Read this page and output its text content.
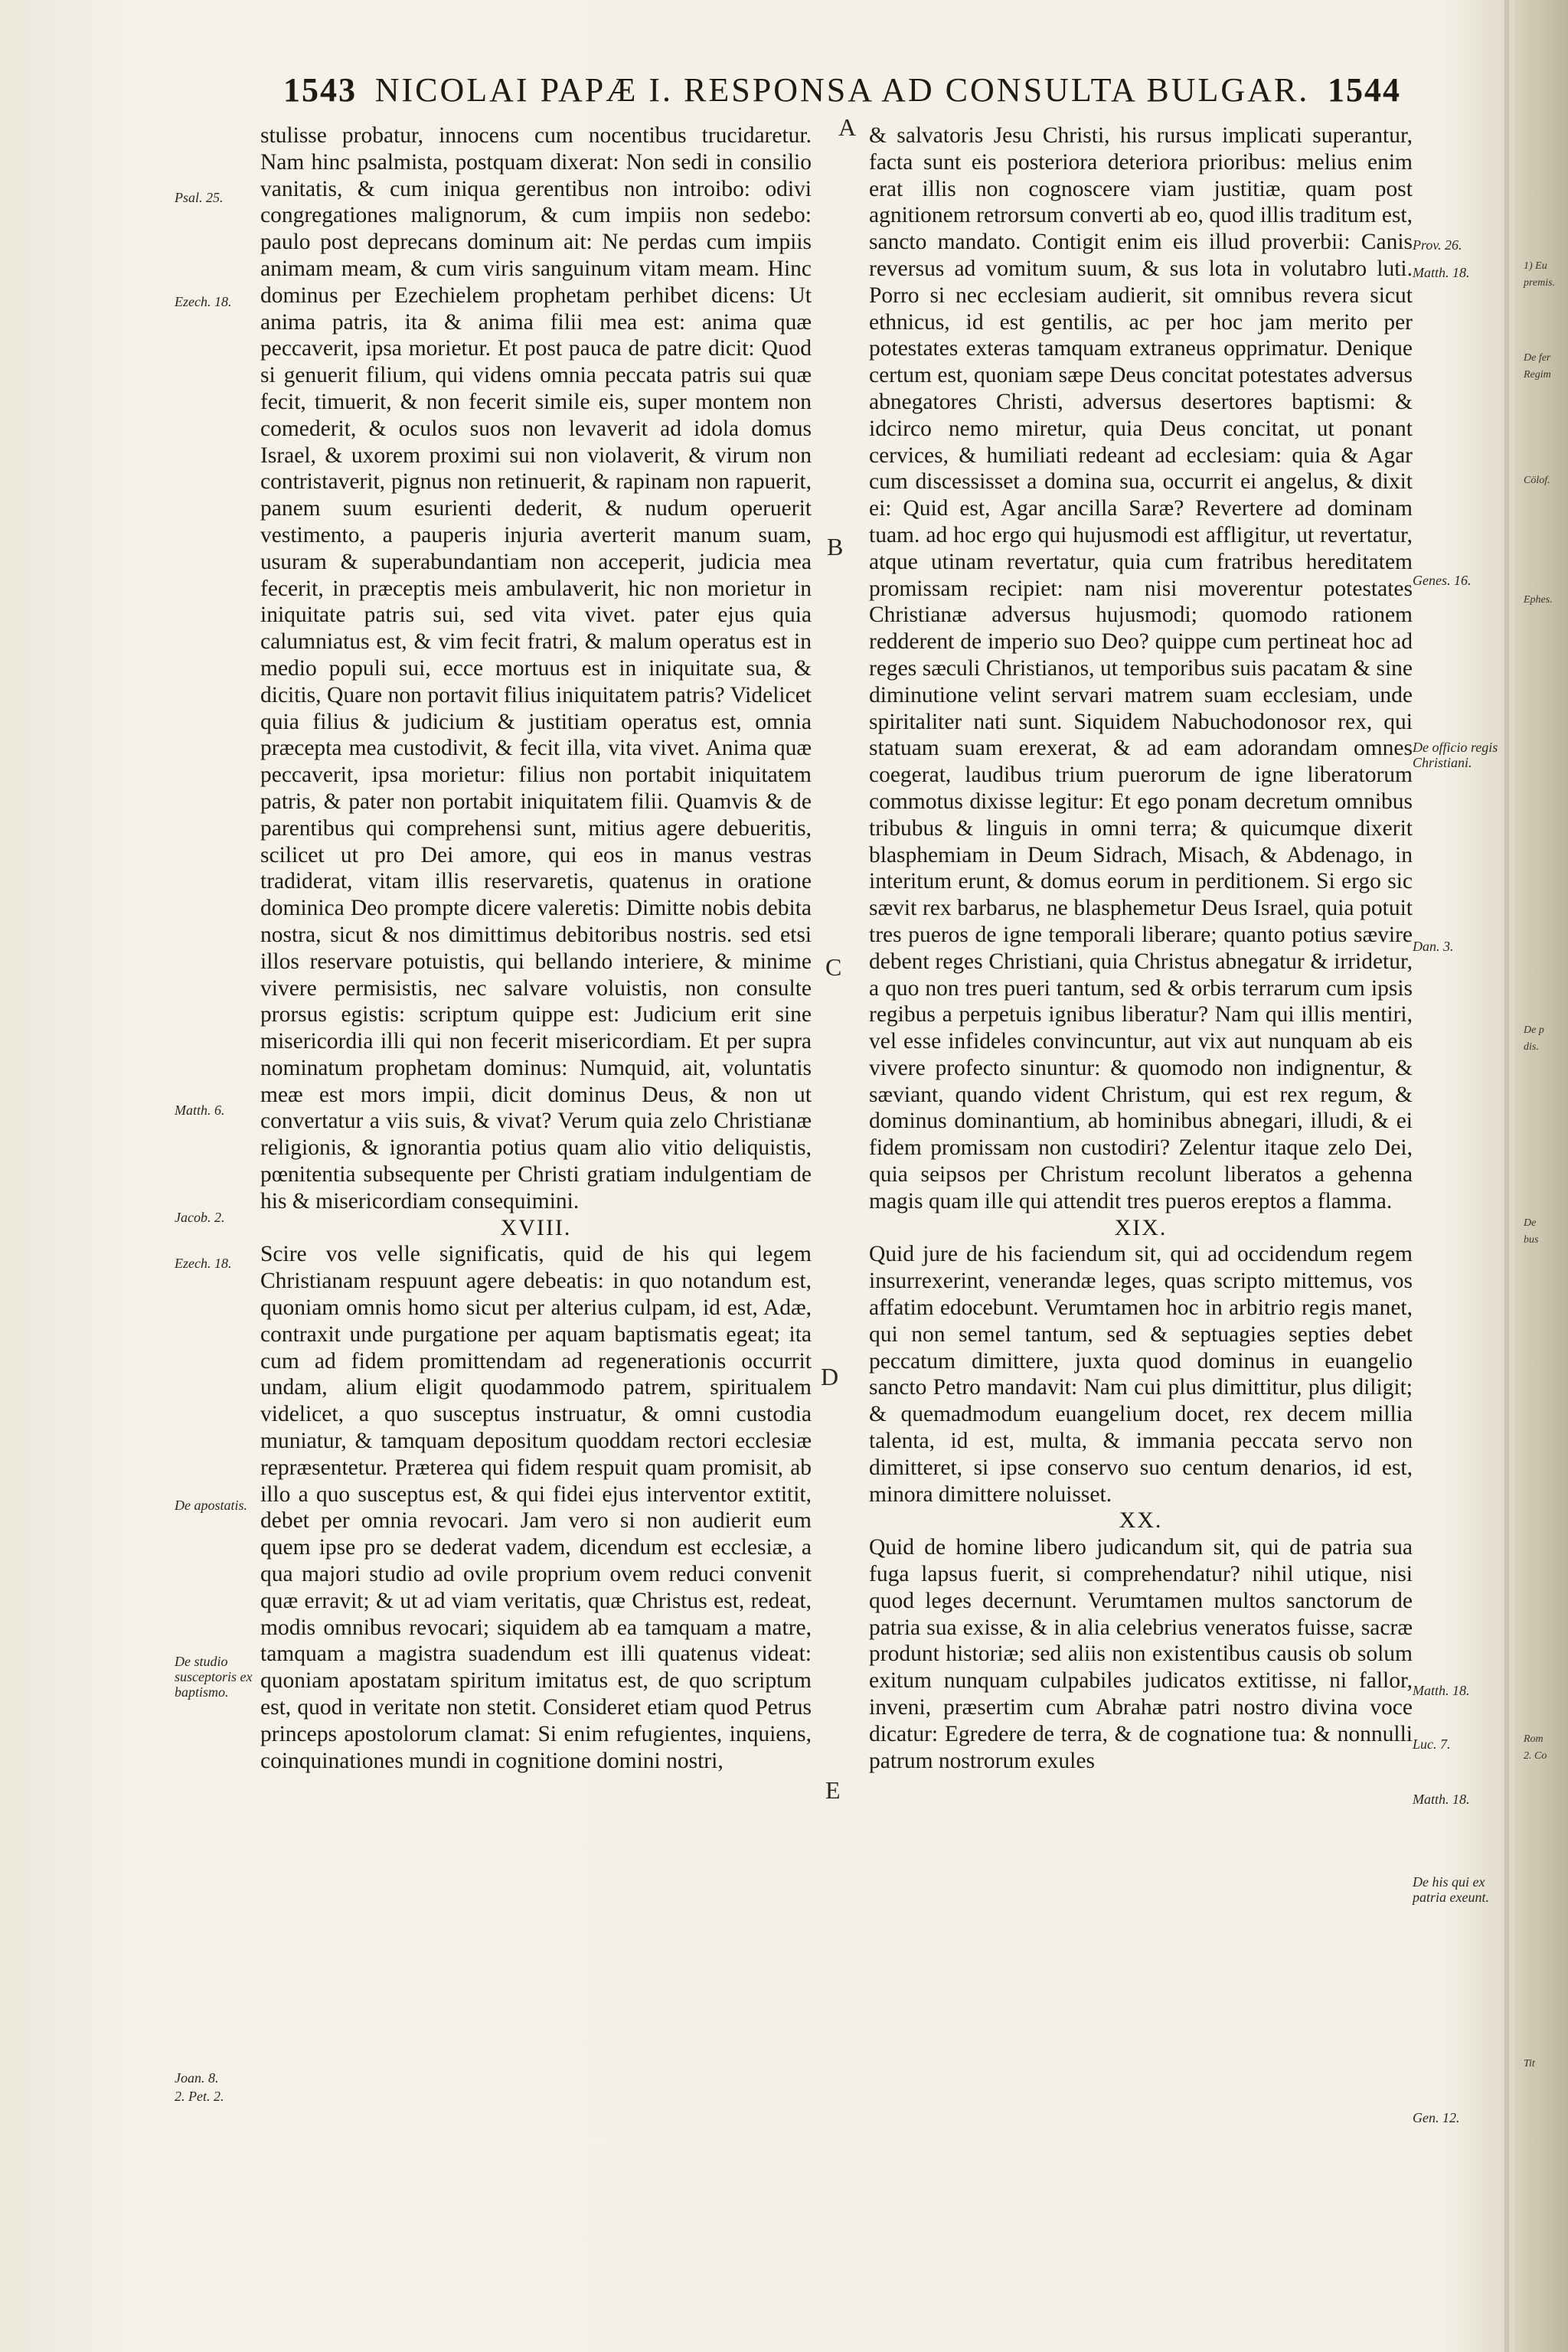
1543 NICOLAI PAPÆ I. RESPONSA AD CONSULTA BULGAR. 1544

stulisse probatur, innocens cum nocentibus trucidaretur. Nam hinc psalmista, postquam dixerat: Non sedi in consilio vanitatis, & cum iniqua gerentibus non introibo: odivi congregationes malignorum, & cum impiis non sedebo: paulo post deprecans dominum ait: Ne perdas cum impiis animam meam, & cum viris sanguinum vitam meam. Hinc dominus per Ezechielem prophetam perhibet dicens: Ut anima patris, ita & anima filii mea est: anima quæ peccaverit, ipsa morietur. Et post pauca de patre dicit: Quod si genuerit filium, qui videns omnia peccata patris sui quæ fecit, timuerit, & non fecerit simile eis, super montem non comederit, & oculos suos non levaverit ad idola domus Israel, & uxorem proximi sui non violaverit, & virum non contristaverit, pignus non retinuerit, & rapinam non rapuerit, panem suum esurienti dederit, & nudum operuerit vestimento, a pauperis injuria averterit manum suam, usuram & superabundantiam non acceperit, judicia mea fecerit, in præceptis meis ambulaverit, hic non morietur in iniquitate patris sui, sed vita vivet. pater ejus quia calumniatus est, & vim fecit fratri, & malum operatus est in medio populi sui, ecce mortuus est in iniquitate sua, & dicitis, Quare non portavit filius iniquitatem patris? Videlicet quia filius & judicium & justitiam operatus est, omnia præcepta mea custodivit, & fecit illa, vita vivet. Anima quæ peccaverit, ipsa morietur: filius non portabit iniquitatem patris, & pater non portabit iniquitatem filii. Quamvis & de parentibus qui comprehensi sunt, mitius agere debueritis, scilicet ut pro Dei amore, qui eos in manus vestras tradiderat, vitam illis reservaretis, quatenus in oratione dominica Deo prompte dicere valeretis: Dimitte nobis debita nostra, sicut & nos dimittimus debitoribus nostris. sed etsi illos reservare potuistis, qui bellando interiere, & minime vivere permisistis, nec salvare voluistis, non consulte prorsus egistis: scriptum quippe est: Judicium erit sine misericordia illi qui non fecerit misericordiam. Et per supra nominatum prophetam dominus: Numquid, ait, voluntatis meæ est mors impii, dicit dominus Deus, & non ut convertatur a viis suis, & vivat? Verum quia zelo Christianæ religionis, & ignorantia potius quam alio vitio deliquistis, pœnitentia subsequente per Christi gratiam indulgentiam de his & misericordiam consequimini.

XVIII.

Scire vos velle significatis, quid de his qui legem Christianam respuunt agere debeatis: in quo notandum est, quoniam omnis homo sicut per alterius culpam, id est, Adæ, contraxit unde purgatione per aquam baptismatis egeat; ita cum ad fidem promittendam ad regenerationis occurrit undam, alium eligit quodammodo patrem, spiritualem videlicet, a quo susceptus instruatur, & omni custodia muniatur, & tamquam depositum quoddam rectori ecclesiæ repræsentetur. Præterea qui fidem respuit quam promisit, ab illo a quo susceptus est, & qui fidei ejus interventor extitit, debet per omnia revocari. Jam vero si non audierit eum quem ipse pro se dederat vadem, dicendum est ecclesiæ, a qua majori studio ad ovile proprium ovem reduci convenit quæ erravit; & ut ad viam veritatis, quæ Christus est, redeat, modis omnibus revocari; siquidem ab ea tamquam a matre, tamquam a magistra suadendum est illi quatenus videat: quoniam apostatam spiritum imitatus est, de quo scriptum est, quod in veritate non stetit. Consideret etiam quod Petrus princeps apostolorum clamat: Si enim refugientes, inquiens, coinquinationes mundi in cognitione domini nostri,

& salvatoris Jesu Christi, his rursus implicati superantur, facta sunt eis posteriora deteriora prioribus: melius enim erat illis non cognoscere viam justitiæ, quam post agnitionem retrorsum converti ab eo, quod illis traditum est, sancto mandato. Contigit enim eis illud proverbii: Canis reversus ad vomitum suum, & sus lota in volutabro luti. Porro si nec ecclesiam audierit, sit omnibus revera sicut ethnicus, id est gentilis, ac per hoc jam merito per potestates exteras tamquam extraneus opprimatur. Denique certum est, quoniam sæpe Deus concitat potestates adversus abnegatores Christi, adversus desertores baptismi: & idcirco nemo miretur, quia Deus concitat, ut ponant cervices, & humiliati redeant ad ecclesiam: quia & Agar cum discessisset a domina sua, occurrit ei angelus, & dixit ei: Quid est, Agar ancilla Saræ? Revertere ad dominam tuam. ad hoc ergo qui hujusmodi est affligitur, ut revertatur, atque utinam revertatur, quia cum fratribus hereditatem promissam recipiet: nam nisi moverentur potestates Christianæ adversus hujusmodi; quomodo rationem redderent de imperio suo Deo? quippe cum pertineat hoc ad reges sæculi Christianos, ut temporibus suis pacatam & sine diminutione velint servari matrem suam ecclesiam, unde spiritaliter nati sunt. Siquidem Nabuchodonosor rex, qui statuam suam erexerat, & ad eam adorandam omnes coegerat, laudibus trium puerorum de igne liberatorum commotus dixisse legitur: Et ego ponam decretum omnibus tribubus & linguis in omni terra; & quicumque dixerit blasphemiam in Deum Sidrach, Misach, & Abdenago, in interitum erunt, & domus eorum in perditionem. Si ergo sic sævit rex barbarus, ne blasphemetur Deus Israel, quia potuit tres pueros de igne temporali liberare; quanto potius sævire debent reges Christiani, quia Christus abnegatur & irridetur, a quo non tres pueri tantum, sed & orbis terrarum cum ipsis regibus a perpetuis ignibus liberatur? Nam qui illis mentiri, vel esse infideles convincuntur, aut vix aut nunquam ab eis vivere profecto sinuntur: & quomodo non indignentur, & sæviant, quando vident Christum, qui est rex regum, & dominus dominantium, ab hominibus abnegari, illudi, & ei fidem promissam non custodiri? Zelentur itaque zelo Dei, quia seipsos per Christum recolunt liberatos a gehenna magis quam ille qui attendit tres pueros ereptos a flamma.

XIX.

Quid jure de his faciendum sit, qui ad occidendum regem insurrexerint, venerandæ leges, quas scripto mittemus, vos affatim edocebunt. Verumtamen hoc in arbitrio regis manet, qui non semel tantum, sed & septuagies septies debet peccatum dimittere, juxta quod dominus in euangelio sancto Petro mandavit: Nam cui plus dimittitur, plus diligit; & quemadmodum euangelium docet, rex decem millia talenta, id est, multa, & immania peccata servo non dimitteret, si ipse conservo suo centum denarios, id est, minora dimittere noluisset.

XX.

Quid de homine libero judicandum sit, qui de patria sua fuga lapsus fuerit, si comprehendatur? nihil utique, nisi quod leges decernunt. Verumtamen multos sanctorum de patria sua exisse, & in alia celebrius veneratos fuisse, sacræ produnt historiæ; sed aliis non existentibus causis ob solum exitum nunquam culpabiles judicatos extitisse, ni fallor, inveni, præsertim cum Abrahæ patri nostro divina voce dicatur: Egredere de terra, & de cognatione tua: & nonnulli patrum nostrorum exules

A
B
C
D
E
Psal. 25.
Ezech. 18.
Matth. 6.
Jacob. 2.
Ezech. 18.
De apostatis.
De studio susceptoris ex baptismo.
Joan. 8.
2. Pet. 2.
Prov. 26.
Matth. 18.
Genes. 16.
De officio regis Christiani.
Dan. 3.
Matth. 18.
Luc. 7.
Matth. 18.
De his qui ex patria exeunt.
Gen. 12.
1) Eu
premis.
De fer
Regim
Cölof.
Ephes.
De p
dis.
De
bus
Rom
2. Co
Tit
